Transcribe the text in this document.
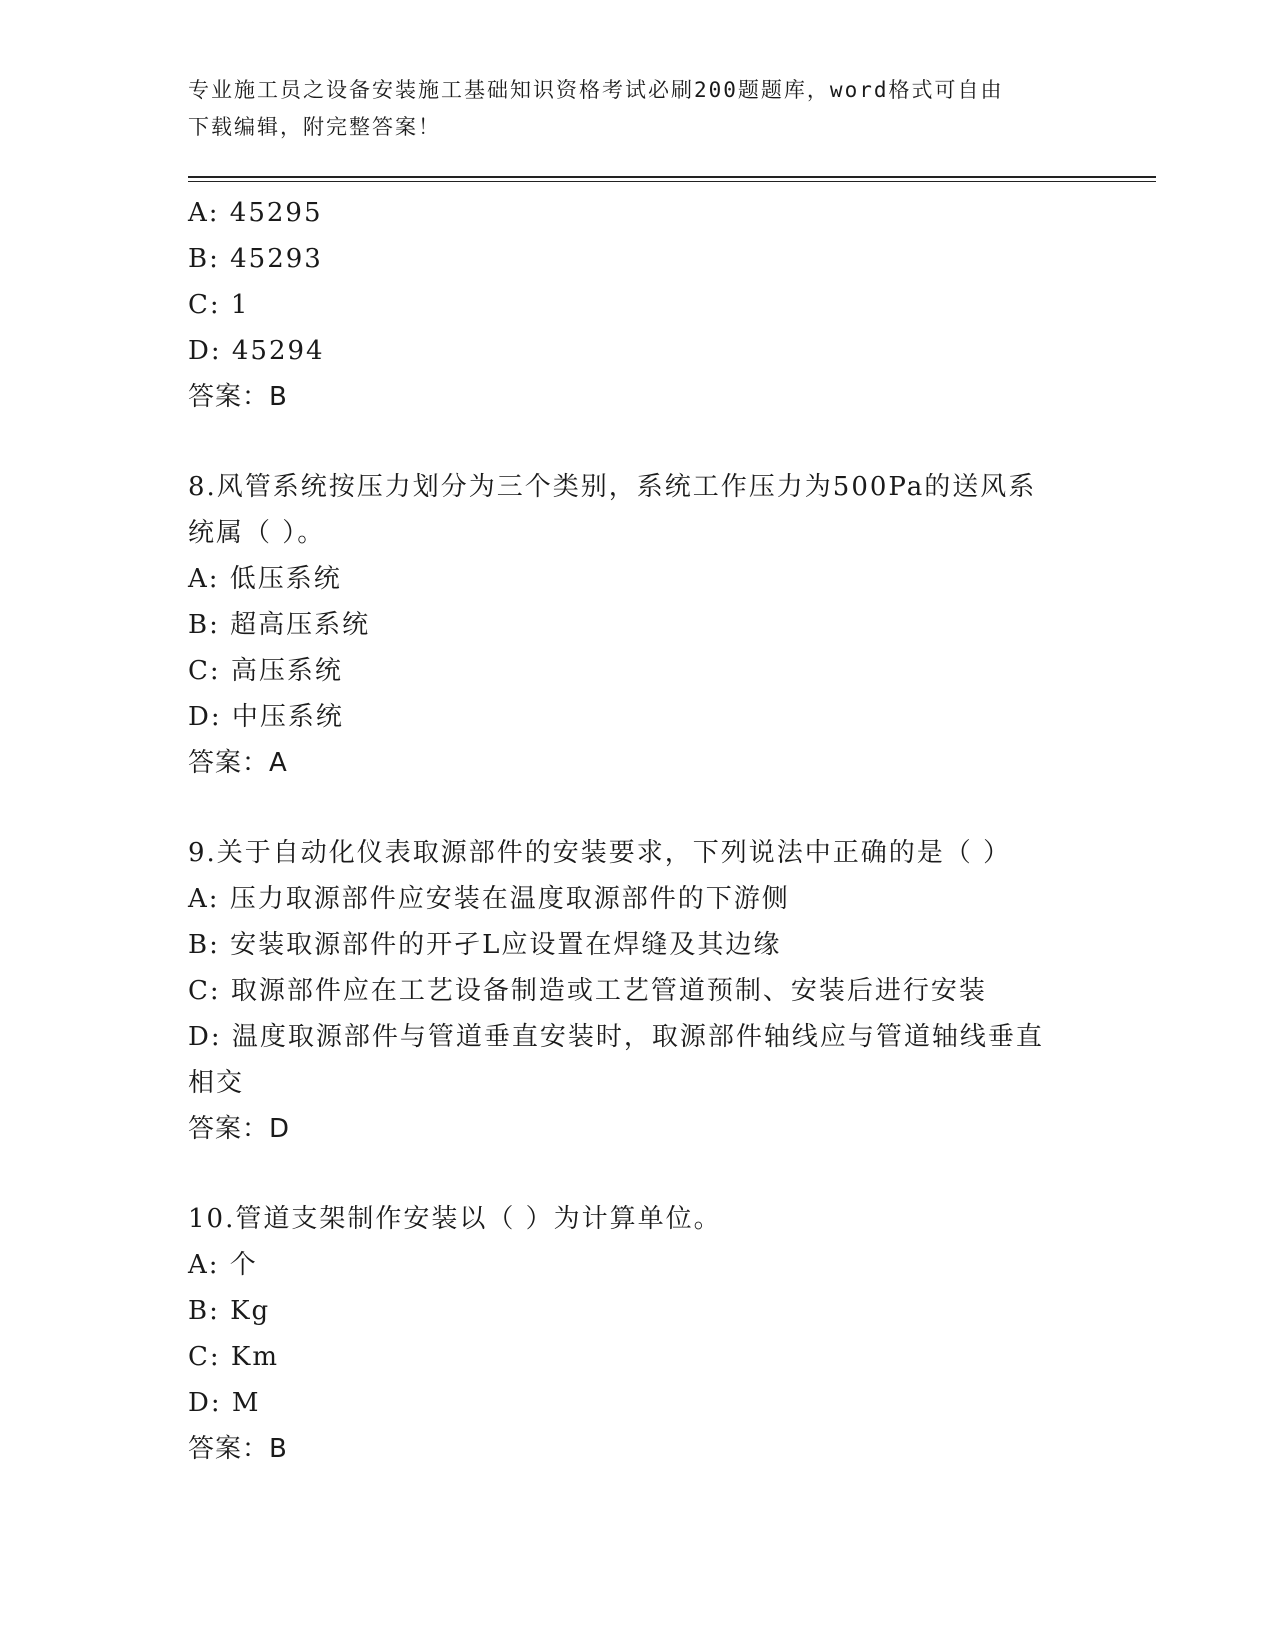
专业施工员之设备安装施工基础知识资格考试必刷200题题库，word格式可自由
下载编辑，附完整答案！
A: 45295
B: 45293
C: 1
D: 45294
答案：B
8.风管系统按压力划分为三个类别，系统工作压力为500Pa的送风系
统属（ ）。
A: 低压系统
B: 超高压系统
C: 高压系统
D: 中压系统
答案：A
9.关于自动化仪表取源部件的安装要求，下列说法中正确的是（ ）
A: 压力取源部件应安装在温度取源部件的下游侧
B: 安装取源部件的开孑L应设置在焊缝及其边缘
C: 取源部件应在工艺设备制造或工艺管道预制、安装后进行安装
D: 温度取源部件与管道垂直安装时，取源部件轴线应与管道轴线垂直
相交
答案：D
10.管道支架制作安装以（ ）为计算单位。
A: 个
B: Kg
C: Km
D: M
答案：B
